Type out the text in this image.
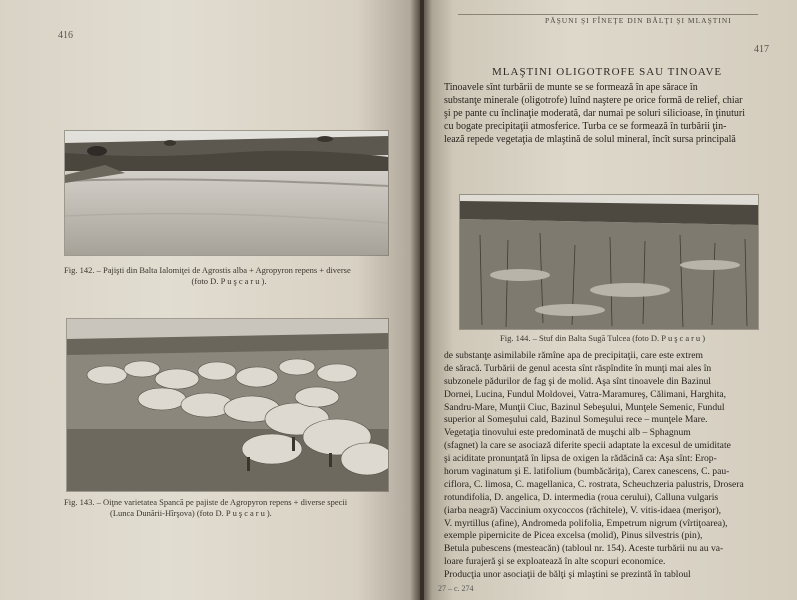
416
Fig. 142. – Pajişti din Balta Ialomiţei de Agrostis alba + Agropyron repens + diverse
(foto D. Puşcaru).
Fig. 143. – Oiţne varietatea Spancă pe pajiste de Agropyron repens + diverse specii
(Lunca Dunării-Hîrşova) (foto D. Puşcaru).
PĂŞUNI ŞI FÎNEŢE DIN BĂLŢI ŞI MLAŞTINI
417
MLAŞTINI OLIGOTROFE SAU TINOAVE
Tinoavele sînt turbării de munte se se formează în ape sărace în
substanţe minerale (oligotrofe) luînd naştere pe orice formă de relief, chiar
şi pe pante cu înclinaţie moderată, dar numai pe soluri silicioase, în ţinuturi
cu bogate precipitaţii atmosferice. Turba ce se formează în turbării ţin-
lează repede vegetaţia de mlaştină de solul mineral, încît sursa principală
Fig. 144. – Stuf din Balta Sugă Tulcea (foto D. Puşcaru)
de substanţe asimilabile rămîne apa de precipitaţii, care este extrem
de săracă. Turbării de genul acesta sînt răspîndite în munţi mai ales în
subzonele pădurilor de fag şi de molid. Aşa sînt tinoavele din Bazinul
Dornei, Lucina, Fundul Moldovei, Vatra-Maramureş, Călimani, Harghita,
Sandru-Mare, Munţii Ciuc, Bazinul Sebeşului, Munţele Semenic, Fundul
superior al Someşului cald, Bazinul Someşului rece – munţele Mare.
Vegetaţia tinovului este predominată de muşchi alb – Sphagnum
(sfagnet) la care se asociază diferite specii adaptate la excesul de umiditate
şi aciditate pronunţată în lipsa de oxigen la rădăcină ca: Aşa sînt: Erop-
horum vaginatum şi E. latifolium (bumbăcăriţa), Carex canescens, C. pau-
ciflora, C. limosa, C. magellanica, C. rostrata, Scheuchzeria palustris, Drosera
rotundifolia, D. angelica, D. intermedia (roua cerului), Calluna vulgaris
(iarba neagră) Vaccinium oxycoccos (răchitele), V. vitis-idaea (merişor),
V. myrtillus (afine), Andromeda polifolia, Empetrum nigrum (vîrtiţoarea),
exemple pipernicite de Picea excelsa (molid), Pinus silvestris (pin),
Betula pubescens (mesteacăn) (tabloul nr. 154). Aceste turbării nu au va-
loare furajeră şi se exploatează în alte scopuri economice.
Producţia unor asociaţii de bălţi şi mlaştini se prezintă în tabloul
27 – c. 274
